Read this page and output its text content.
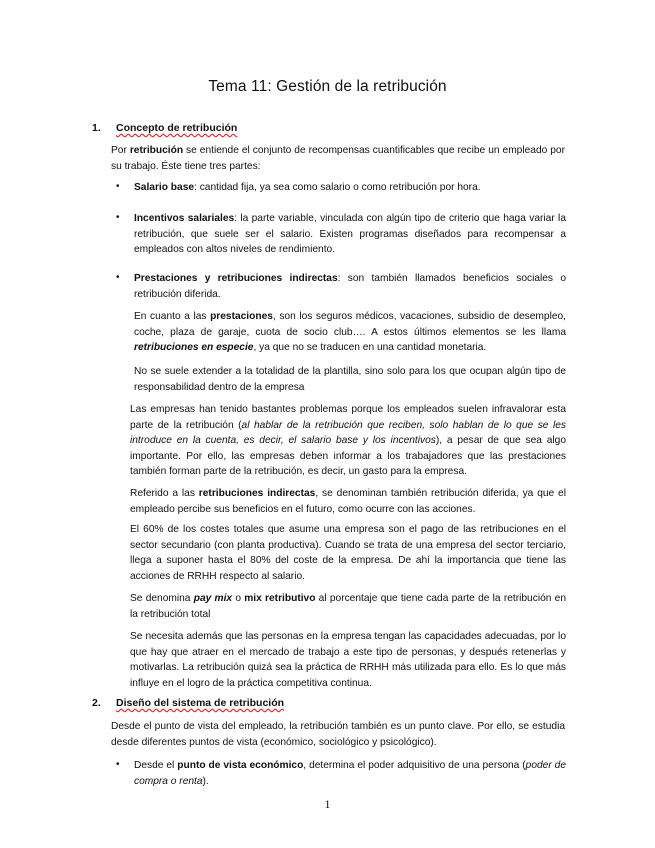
Tema 11: Gestión de la retribución
1. Concepto de retribución

Por retribución se entiende el conjunto de recompensas cuantificables que recibe un empleado por su trabajo. Éste tiene tres partes:

• Salario base: cantidad fija, ya sea como salario o como retribución por hora.

• Incentivos salariales: la parte variable, vinculada con algún tipo de criterio que haga variar la retribución, que suele ser el salario. Existen programas diseñados para recompensar a empleados con altos niveles de rendimiento.

• Prestaciones y retribuciones indirectas: son también llamados beneficios sociales o retribución diferida.

En cuanto a las prestaciones, son los seguros médicos, vacaciones, subsidio de desempleo, coche, plaza de garaje, cuota de socio club…. A estos últimos elementos se les llama retribuciones en especie, ya que no se traducen en una cantidad monetaria.

No se suele extender a la totalidad de la plantilla, sino solo para los que ocupan algún tipo de responsabilidad dentro de la empresa

Las empresas han tenido bastantes problemas porque los empleados suelen infravalorar esta parte de la retribución (al hablar de la retribución que reciben, solo hablan de lo que se les introduce en la cuenta, es decir, el salario base y los incentivos), a pesar de que sea algo importante. Por ello, las empresas deben informar a los trabajadores que las prestaciones también forman parte de la retribución, es decir, un gasto para la empresa.

Referido a las retribuciones indirectas, se denominan también retribución diferida, ya que el empleado percibe sus beneficios en el futuro, como ocurre con las acciones.

El 60% de los costes totales que asume una empresa son el pago de las retribuciones en el sector secundario (con planta productiva). Cuando se trata de una empresa del sector terciario, llega a suponer hasta el 80% del coste de la empresa. De ahí la importancia que tiene las acciones de RRHH respecto al salario.

Se denomina pay mix o mix retributivo al porcentaje que tiene cada parte de la retribución en la retribución total

Se necesita además que las personas en la empresa tengan las capacidades adecuadas, por lo que hay que atraer en el mercado de trabajo a este tipo de personas, y después retenerlas y motivarlas. La retribución quizá sea la práctica de RRHH más utilizada para ello. Es lo que más influye en el logro de la práctica competitiva continua.

2. Diseño del sistema de retribución

Desde el punto de vista del empleado, la retribución también es un punto clave. Por ello, se estudia desde diferentes puntos de vista (económico, sociológico y psicológico).

• Desde el punto de vista económico, determina el poder adquisitivo de una persona (poder de compra o renta).

1
